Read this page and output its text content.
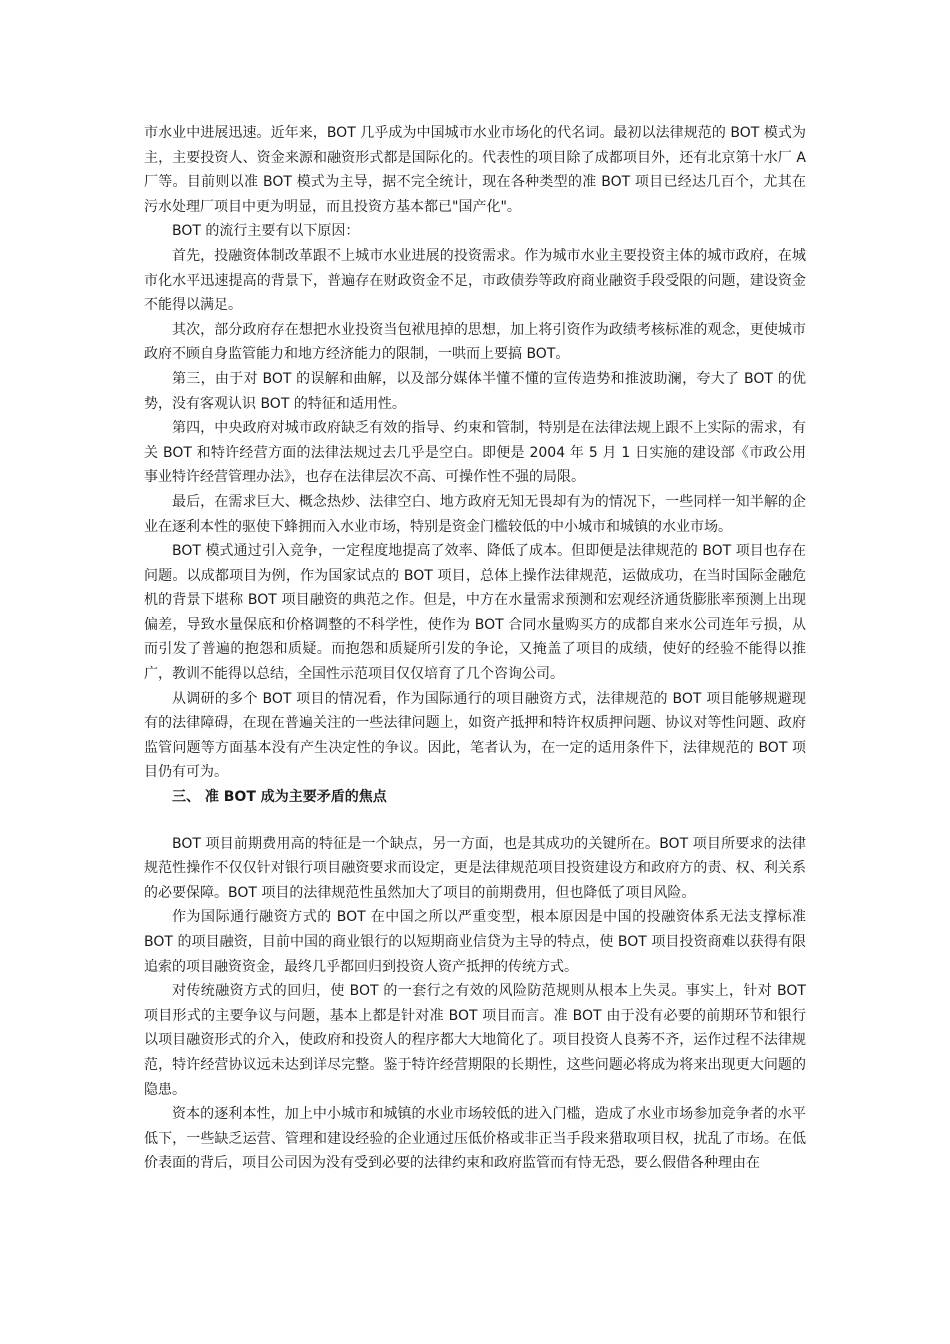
市水业中进展迅速。近年来，BOT 几乎成为中国城市水业市场化的代名词。最初以法律规范的 BOT 模式为主，主要投资人、资金来源和融资形式都是国际化的。代表性的项目除了成都项目外，还有北京第十水厂 A 厂等。目前则以准 BOT 模式为主导，据不完全统计，现在各种类型的准 BOT 项目已经达几百个，尤其在污水处理厂项目中更为明显，而且投资方基本都已"国产化"。

BOT 的流行主要有以下原因：

首先，投融资体制改革跟不上城市水业进展的投资需求。作为城市水业主要投资主体的城市政府，在城市化水平迅速提高的背景下，普遍存在财政资金不足，市政债券等政府商业融资手段受限的问题，建设资金不能得以满足。

其次，部分政府存在想把水业投资当包袱甩掉的思想，加上将引资作为政绩考核标准的观念，更使城市政府不顾自身监管能力和地方经济能力的限制，一哄而上要搞 BOT。

第三，由于对 BOT 的误解和曲解，以及部分媒体半懂不懂的宣传造势和推波助澜，夸大了 BOT 的优势，没有客观认识 BOT 的特征和适用性。

第四，中央政府对城市政府缺乏有效的指导、约束和管制，特别是在法律法规上跟不上实际的需求，有关 BOT 和特许经营方面的法律法规过去几乎是空白。即便是 2004 年 5 月 1 日实施的建设部《市政公用事业特许经营管理办法》，也存在法律层次不高、可操作性不强的局限。

最后，在需求巨大、概念热炒、法律空白、地方政府无知无畏却有为的情况下，一些同样一知半解的企业在逐利本性的驱使下蜂拥而入水业市场，特别是资金门槛较低的中小城市和城镇的水业市场。

BOT 模式通过引入竞争，一定程度地提高了效率、降低了成本。但即便是法律规范的 BOT 项目也存在问题。以成都项目为例，作为国家试点的 BOT 项目，总体上操作法律规范，运做成功，在当时国际金融危机的背景下堪称 BOT 项目融资的典范之作。但是，中方在水量需求预测和宏观经济通货膨胀率预测上出现偏差，导致水量保底和价格调整的不科学性，使作为 BOT 合同水量购买方的成都自来水公司连年亏损，从而引发了普遍的抱怨和质疑。而抱怨和质疑所引发的争论，又掩盖了项目的成绩，使好的经验不能得以推广，教训不能得以总结，全国性示范项目仅仅培育了几个咨询公司。

从调研的多个 BOT 项目的情况看，作为国际通行的项目融资方式，法律规范的 BOT 项目能够规避现有的法律障碍，在现在普遍关注的一些法律问题上，如资产抵押和特许权质押问题、协议对等性问题、政府监管问题等方面基本没有产生决定性的争议。因此，笔者认为，在一定的适用条件下，法律规范的 BOT 项目仍有可为。

三、 准 BOT 成为主要矛盾的焦点

BOT 项目前期费用高的特征是一个缺点，另一方面，也是其成功的关键所在。BOT 项目所要求的法律规范性操作不仅仅针对银行项目融资要求而设定，更是法律规范项目投资建设方和政府方的责、权、利关系的必要保障。BOT 项目的法律规范性虽然加大了项目的前期费用，但也降低了项目风险。

作为国际通行融资方式的 BOT 在中国之所以严重变型，根本原因是中国的投融资体系无法支撑标准 BOT 的项目融资，目前中国的商业银行的以短期商业信贷为主导的特点，使 BOT 项目投资商难以获得有限追索的项目融资资金，最终几乎都回归到投资人资产抵押的传统方式。

对传统融资方式的回归，使 BOT 的一套行之有效的风险防范规则从根本上失灵。事实上，针对 BOT 项目形式的主要争议与问题，基本上都是针对准 BOT 项目而言。准 BOT 由于没有必要的前期环节和银行以项目融资形式的介入，使政府和投资人的程序都大大地简化了。项目投资人良莠不齐，运作过程不法律规范，特许经营协议远未达到详尽完整。鉴于特许经营期限的长期性，这些问题必将成为将来出现更大问题的隐患。

资本的逐利本性，加上中小城市和城镇的水业市场较低的进入门槛，造成了水业市场参加竞争者的水平低下，一些缺乏运营、管理和建设经验的企业通过压低价格或非正当手段来猎取项目权，扰乱了市场。在低价表面的背后，项目公司因为没有受到必要的法律约束和政府监管而有恃无恐，要么假借各种理由在
